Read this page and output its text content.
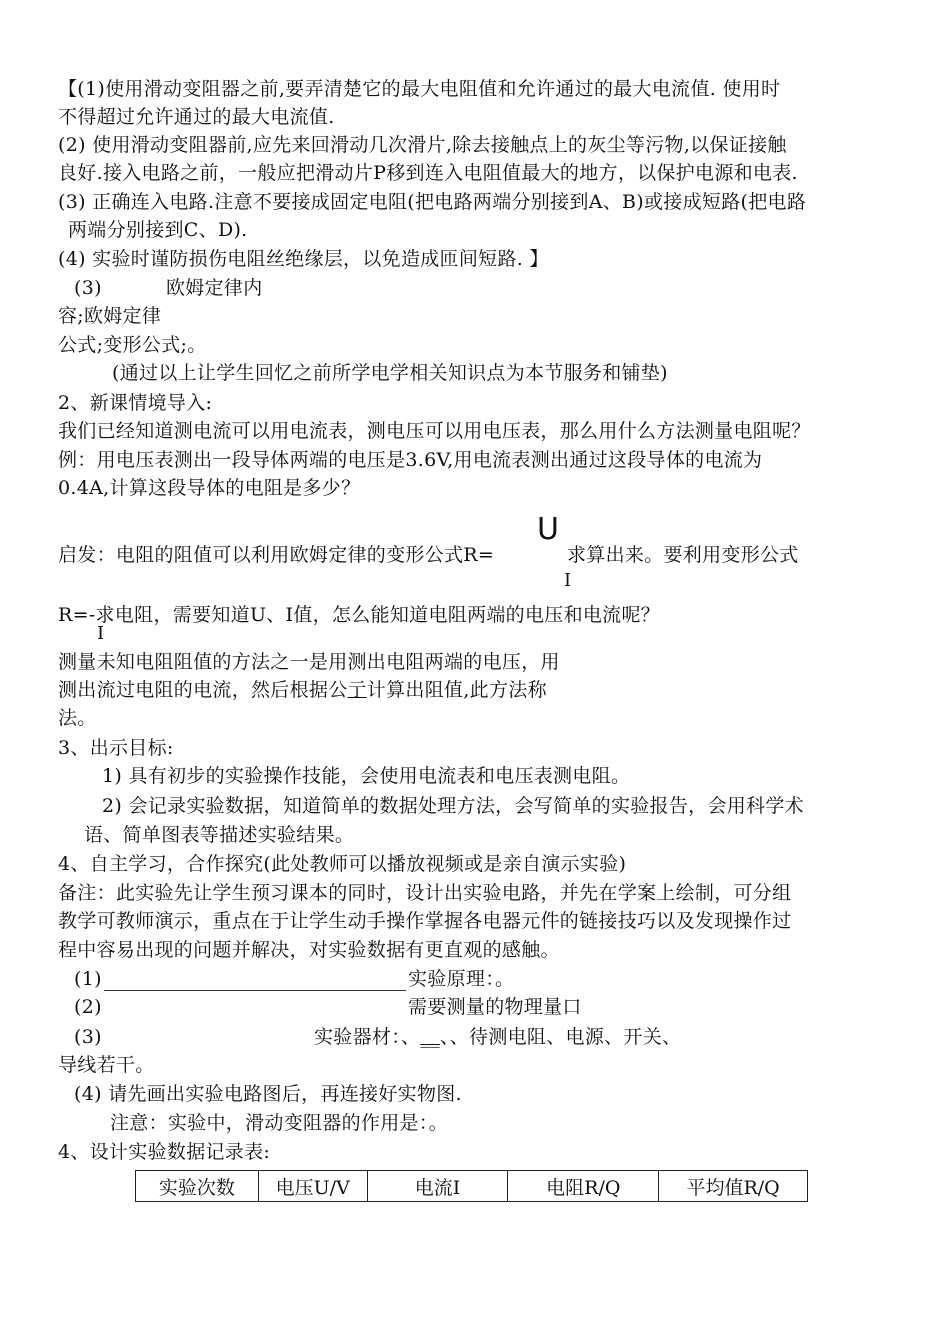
【(1)使用滑动变阻器之前,要弄清楚它的最大电阻值和允许通过的最大电流值. 使用时
不得超过允许通过的最大电流值.
(2) 使用滑动变阻器前,应先来回滑动几次滑片,除去接触点上的灰尘等污物,以保证接触
良好.接入电路之前，一般应把滑动片P移到连入电阻值最大的地方，以保护电源和电表.
(3) 正确连入电路.注意不要接成固定电阻(把电路两端分别接到A、B)或接成短路(把电路
两端分别接到C、D).
(4) 实验时谨防损伤电阻丝绝缘层，以免造成匝间短路. 】
(3)	欧姆定律内
容;欧姆定律
公式;变形公式;。
(通过以上让学生回忆之前所学电学相关知识点为本节服务和铺垫)
2、新课情境导入:
我们已经知道测电流可以用电流表，测电压可以用电压表，那么用什么方法测量电阻呢？
例：用电压表测出一段导体两端的电压是3.6V,用电流表测出通过这段导体的电流为
0.4A,计算这段导体的电阻是多少？
U
启发：电阻的阻值可以利用欧姆定律的变形公式R=	求算出来。要利用变形公式
I
R=-求电阻，需要知道U、I值，怎么能知道电阻两端的电压和电流呢？
I
测量未知电阻阻值的方法之一是用测出电阻两端的电压，用
测出流过电阻的电流，然后根据公亍计算出阻值,此方法称
法。
3、出示目标:
1) 具有初步的实验操作技能，会使用电流表和电压表测电阻。
2) 会记录实验数据，知道简单的数据处理方法，会写简单的实验报告，会用科学术
语、简单图表等描述实验结果。
4、自主学习，合作探究(此处教师可以播放视频或是亲自演示实验)
备注：此实验先让学生预习课本的同时，设计出实验电路，并先在学案上绘制，可分组
教学可教师演示，重点在于让学生动手操作掌握各电器元件的链接技巧以及发现操作过
程中容易出现的问题并解决，对实验数据有更直观的感触。
(1)	实验原理：。
(2)	需要测量的物理量口
(3)	实验器材：、__、、待测电阻、电源、开关、
导线若干。
(4) 请先画出实验电路图后，再连接好实物图.
注意：实验中，滑动变阻器的作用是：。
4、设计实验数据记录表:
实验次数	电压U/V	电流I	电阻R/Q	平均值R/Q
